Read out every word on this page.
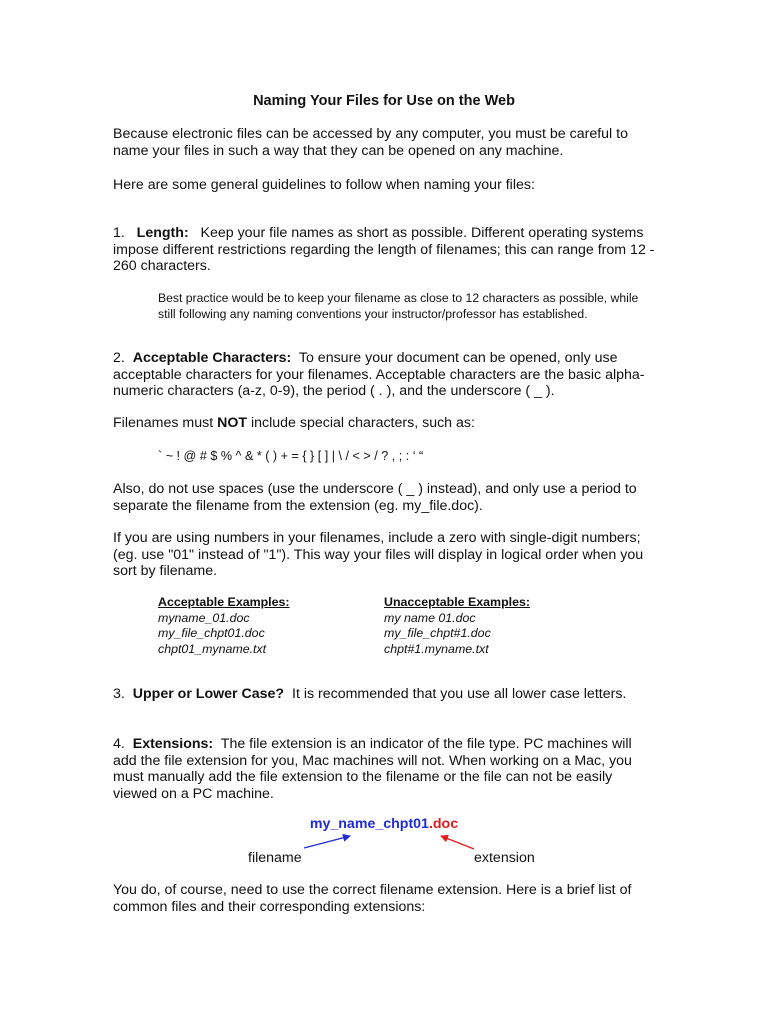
Naming Your Files for Use on the Web

Because electronic files can be accessed by any computer, you must be careful to name your files in such a way that they can be opened on any machine.

Here are some general guidelines to follow when naming your files:

1. Length: Keep your file names as short as possible. Different operating systems impose different restrictions regarding the length of filenames; this can range from 12 - 260 characters.

Best practice would be to keep your filename as close to 12 characters as possible, while still following any naming conventions your instructor/professor has established.

2. Acceptable Characters: To ensure your document can be opened, only use acceptable characters for your filenames. Acceptable characters are the basic alpha-numeric characters (a-z, 0-9), the period ( . ), and the underscore ( _ ).

Filenames must NOT include special characters, such as:

` ~ ! @ # $ % ^ & * ( ) + = { } [ ] | \ / < > / ? , ; : ‘ “

Also, do not use spaces (use the underscore ( _ ) instead), and only use a period to separate the filename from the extension (eg. my_file.doc).

If you are using numbers in your filenames, include a zero with single-digit numbers; (eg. use "01" instead of "1"). This way your files will display in logical order when you sort by filename.

Acceptable Examples:
myname_01.doc
my_file_chpt01.doc
chpt01_myname.txt
Unacceptable Examples:
my name 01.doc
my_file_chpt#1.doc
chpt#1.myname.txt

3. Upper or Lower Case? It is recommended that you use all lower case letters.

4. Extensions: The file extension is an indicator of the file type. PC machines will add the file extension for you, Mac machines will not. When working on a Mac, you must manually add the file extension to the filename or the file can not be easily viewed on a PC machine.

my_name_chpt01.doc
filename	extension

You do, of course, need to use the correct filename extension. Here is a brief list of common files and their corresponding extensions:
